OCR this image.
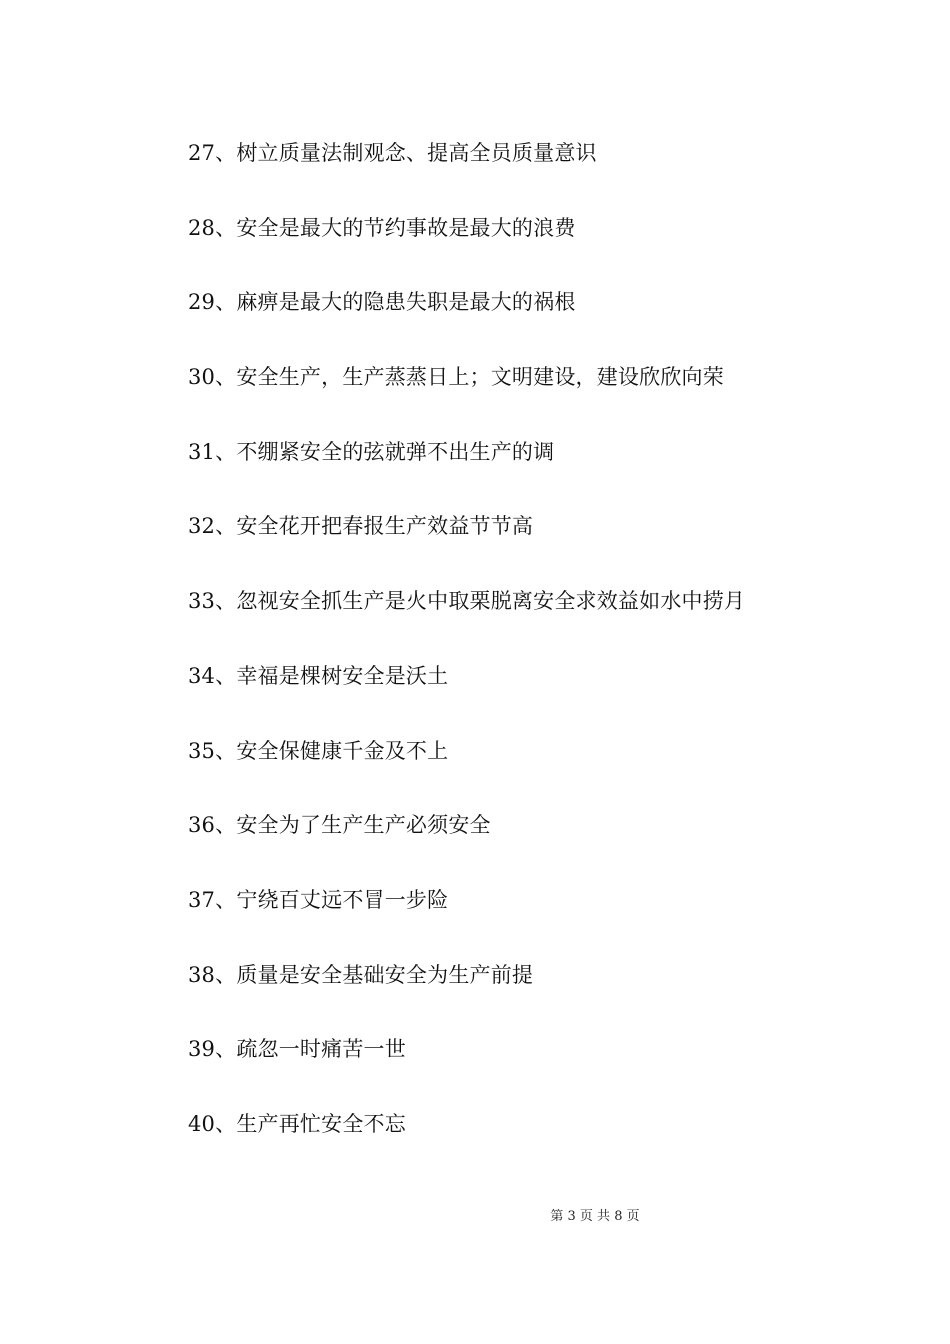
27、树立质量法制观念、提高全员质量意识
28、安全是最大的节约事故是最大的浪费
29、麻痹是最大的隐患失职是最大的祸根
30、安全生产，生产蒸蒸日上；文明建设，建设欣欣向荣
31、不绷紧安全的弦就弹不出生产的调
32、安全花开把春报生产效益节节高
33、忽视安全抓生产是火中取栗脱离安全求效益如水中捞月
34、幸福是棵树安全是沃土
35、安全保健康千金及不上
36、安全为了生产生产必须安全
37、宁绕百丈远不冒一步险
38、质量是安全基础安全为生产前提
39、疏忽一时痛苦一世
40、生产再忙安全不忘
第 3 页 共 8 页
